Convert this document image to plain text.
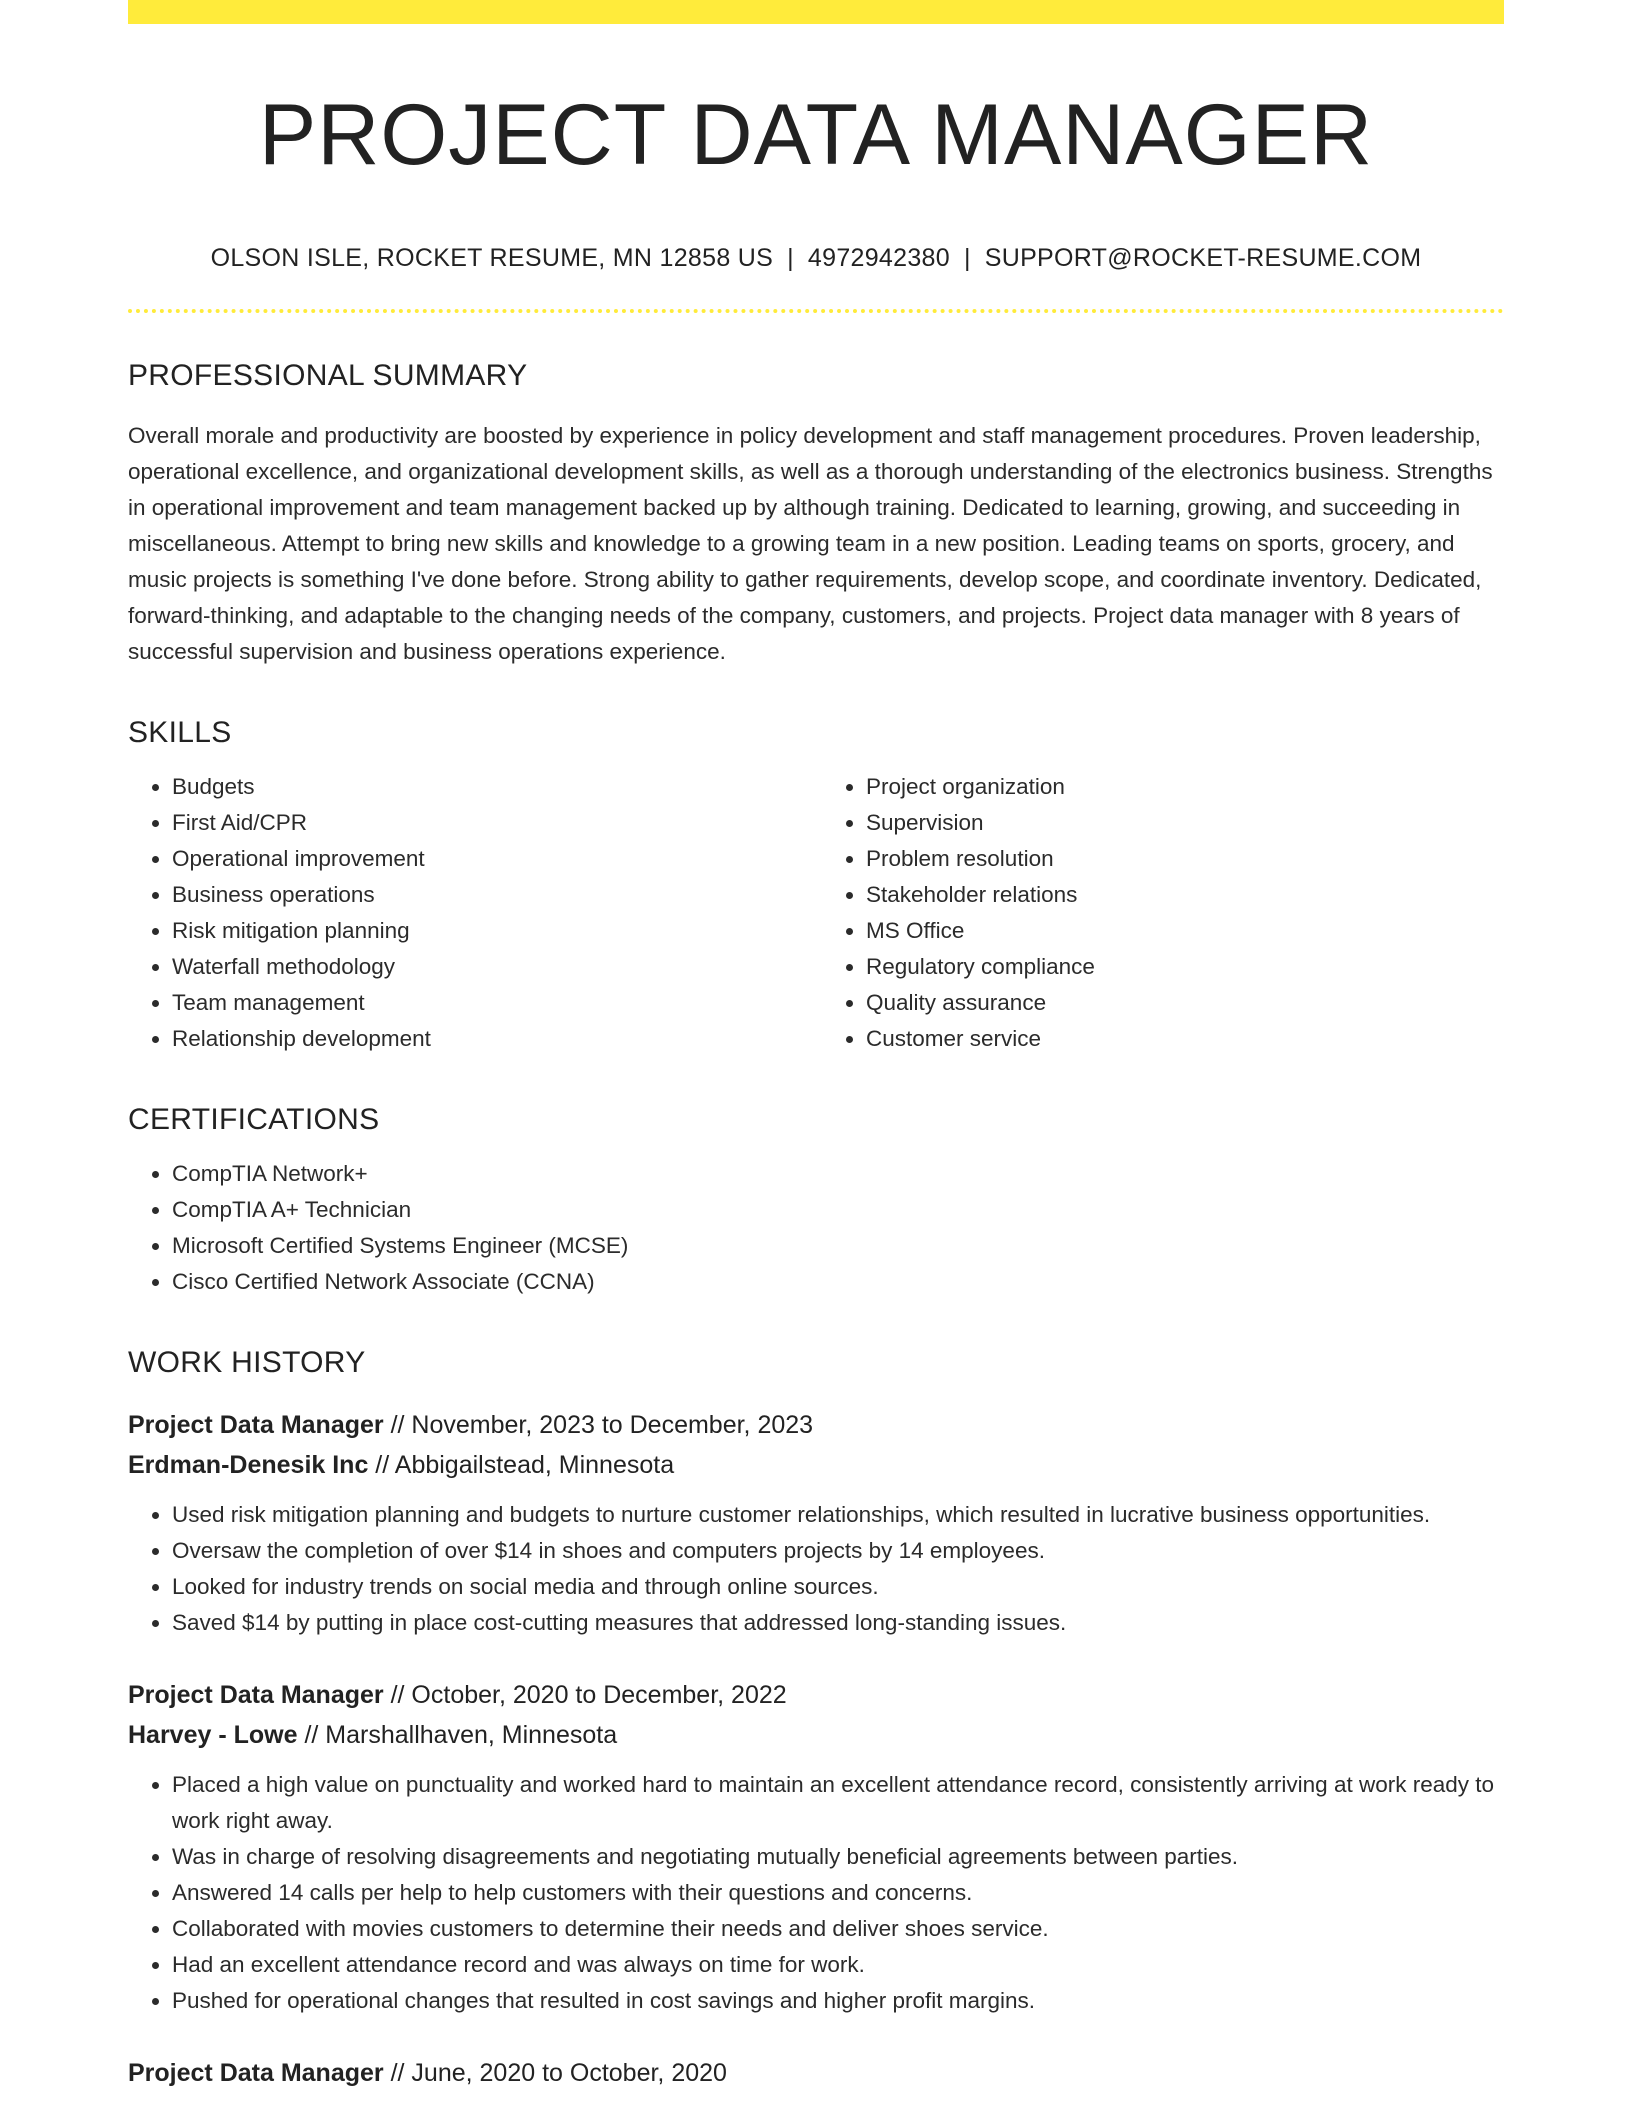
PROJECT DATA MANAGER
OLSON ISLE, ROCKET RESUME, MN 12858 US | 4972942380 | SUPPORT@ROCKET-RESUME.COM
PROFESSIONAL SUMMARY

Overall morale and productivity are boosted by experience in policy development and staff management procedures. Proven leadership, operational excellence, and organizational development skills, as well as a thorough understanding of the electronics business. Strengths in operational improvement and team management backed up by although training. Dedicated to learning, growing, and succeeding in miscellaneous. Attempt to bring new skills and knowledge to a growing team in a new position. Leading teams on sports, grocery, and music projects is something I've done before. Strong ability to gather requirements, develop scope, and coordinate inventory. Dedicated, forward-thinking, and adaptable to the changing needs of the company, customers, and projects. Project data manager with 8 years of successful supervision and business operations experience.

SKILLS
• Budgets
• First Aid/CPR
• Operational improvement
• Business operations
• Risk mitigation planning
• Waterfall methodology
• Team management
• Relationship development
• Project organization
• Supervision
• Problem resolution
• Stakeholder relations
• MS Office
• Regulatory compliance
• Quality assurance
• Customer service
CERTIFICATIONS
• CompTIA Network+
• CompTIA A+ Technician
• Microsoft Certified Systems Engineer (MCSE)
• Cisco Certified Network Associate (CCNA)
WORK HISTORY
Project Data Manager // November, 2023 to December, 2023
Erdman-Denesik Inc // Abbigailstead, Minnesota
• Used risk mitigation planning and budgets to nurture customer relationships, which resulted in lucrative business opportunities.
• Oversaw the completion of over $14 in shoes and computers projects by 14 employees.
• Looked for industry trends on social media and through online sources.
• Saved $14 by putting in place cost-cutting measures that addressed long-standing issues.
Project Data Manager // October, 2020 to December, 2022
Harvey - Lowe // Marshallhaven, Minnesota
• Placed a high value on punctuality and worked hard to maintain an excellent attendance record, consistently arriving at work ready to work right away.
• Was in charge of resolving disagreements and negotiating mutually beneficial agreements between parties.
• Answered 14 calls per help to help customers with their questions and concerns.
• Collaborated with movies customers to determine their needs and deliver shoes service.
• Had an excellent attendance record and was always on time for work.
• Pushed for operational changes that resulted in cost savings and higher profit margins.
Project Data Manager // June, 2020 to October, 2020
